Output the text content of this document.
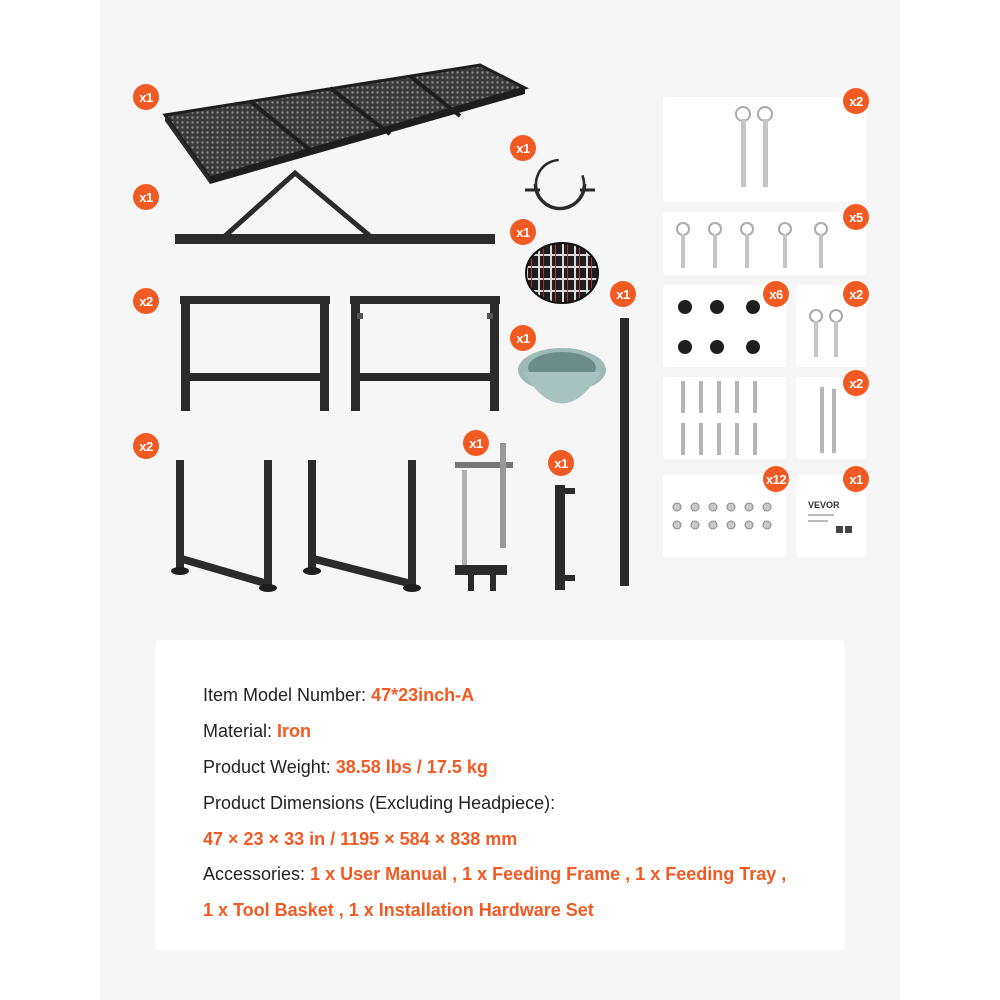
VEVOR
x1
x1
x2
x2
x1
x1
x1
x1
x1
x1
x2
x5
x6	x2
x2
x12	x1
Item Model Number: 47*23inch-A
Material: Iron
Product Weight: 38.58 lbs / 17.5 kg
Product Dimensions (Excluding Headpiece):
47 × 23 × 33 in / 1195 × 584 × 838 mm
Accessories: 1 x User Manual , 1 x Feeding Frame , 1 x Feeding Tray ,
1 x Tool Basket , 1 x Installation Hardware Set
